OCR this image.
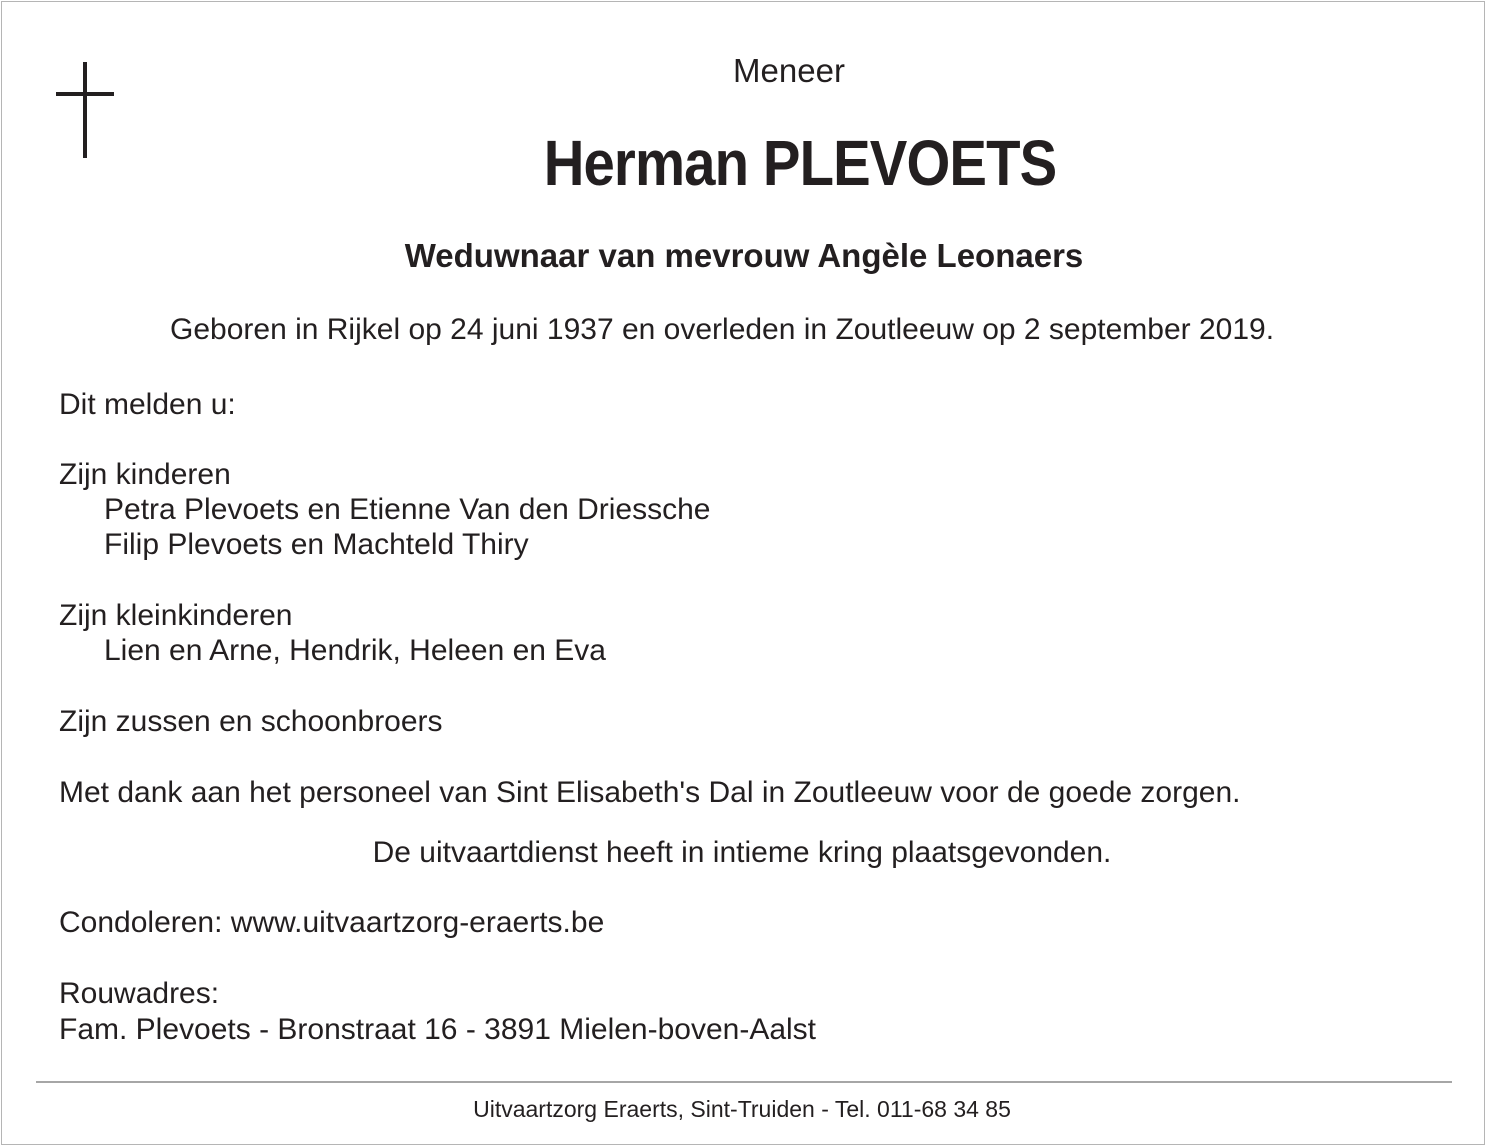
Meneer
Herman PLEVOETS
Weduwnaar van mevrouw Angèle Leonaers
Geboren in Rijkel op 24 juni 1937 en overleden in Zoutleeuw op 2 september 2019.
Dit melden u:
Zijn kinderen
Petra Plevoets en Etienne Van den Driessche
Filip Plevoets en Machteld Thiry
Zijn kleinkinderen
Lien en Arne, Hendrik, Heleen en Eva
Zijn zussen en schoonbroers
Met dank aan het personeel van Sint Elisabeth's Dal in Zoutleeuw voor de goede zorgen.
De uitvaartdienst heeft in intieme kring plaatsgevonden.
Condoleren: www.uitvaartzorg-eraerts.be
Rouwadres:
Fam. Plevoets - Bronstraat 16 - 3891 Mielen-boven-Aalst
Uitvaartzorg Eraerts, Sint-Truiden - Tel. 011-68 34 85
